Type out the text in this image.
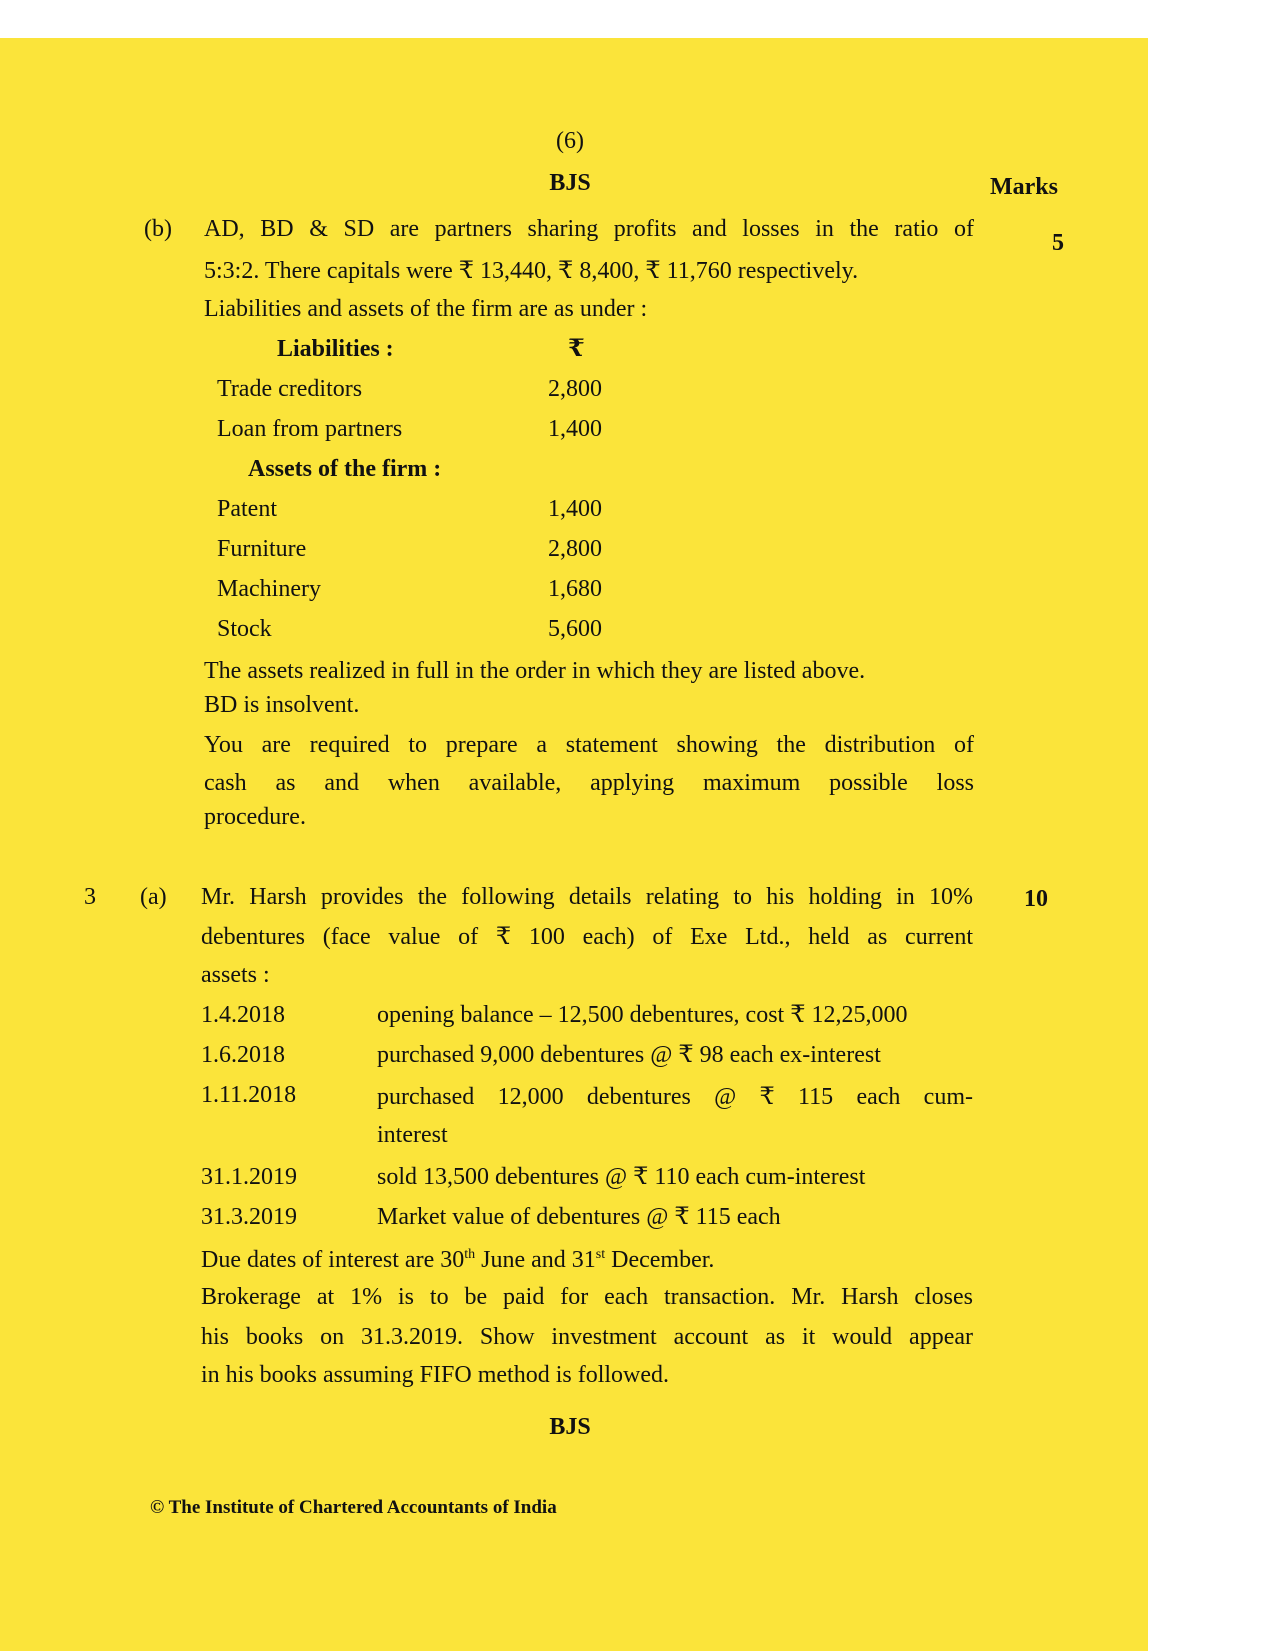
(6)
BJS	Marks
(b)
5
AD, BD & SD are partners sharing profits and losses in the ratio of
5:3:2. There capitals were ₹ 13,440, ₹ 8,400, ₹ 11,760 respectively.
Liabilities and assets of the firm are as under :
Liabilities :	₹
Trade creditors	2,800
Loan from partners	1,400
Assets of the firm :
Patent	1,400
Furniture	2,800
Machinery	1,680
Stock	5,600
The assets realized in full in the order in which they are listed above.
BD is insolvent.
You are required to prepare a statement showing the distribution of
cash as and when available, applying maximum possible loss
procedure.
3 (a)	10
Mr. Harsh provides the following details relating to his holding in 10%
debentures (face value of ₹ 100 each) of Exe Ltd., held as current
assets :
1.4.2018	opening balance – 12,500 debentures, cost ₹ 12,25,000
1.6.2018	purchased 9,000 debentures @ ₹ 98 each ex-interest
1.11.2018	purchased 12,000 debentures @ ₹ 115 each cum-
interest
31.1.2019	sold 13,500 debentures @ ₹ 110 each cum-interest
31.3.2019	Market value of debentures @ ₹ 115 each
Due dates of interest are 30th June and 31st December.
Brokerage at 1% is to be paid for each transaction. Mr. Harsh closes
his books on 31.3.2019. Show investment account as it would appear
in his books assuming FIFO method is followed.
BJS
© The Institute of Chartered Accountants of India
